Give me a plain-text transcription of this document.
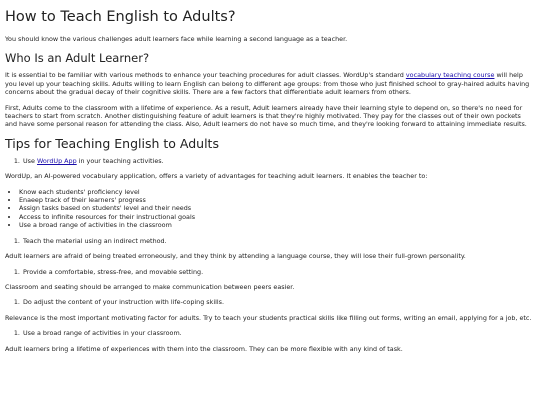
How to Teach English to Adults?

You should know the various challenges adult learners face while learning a second language as a teacher.

Who Is an Adult Learner?

It is essential to be familiar with various methods to enhance your teaching procedures for adult classes. WordUp's standard vocabulary teaching course will help you level up your teaching skills. Adults willing to learn English can belong to different age groups: from those who just finished school to gray-haired adults having concerns about the gradual decay of their cognitive skills. There are a few factors that differentiate adult learners from others.

First, Adults come to the classroom with a lifetime of experience. As a result, Adult learners already have their learning style to depend on, so there's no need for teachers to start from scratch. Another distinguishing feature of adult learners is that they're highly motivated. They pay for the classes out of their own pockets and have some personal reason for attending the class. Also, Adult learners do not have so much time, and they're looking forward to attaining immediate results.

Tips for Teaching English to Adults
1. Use WordUp App in your teaching activities.

WordUp, an AI-powered vocabulary application, offers a variety of advantages for teaching adult learners. It enables the teacher to:

• Know each students' proficiency level
• Enaeep track of their learners' progress
• Assign tasks based on students' level and their needs
• Access to infinite resources for their instructional goals
• Use a broad range of activities in the classroom
1. Teach the material using an indirect method.

Adult learners are afraid of being treated erroneously, and they think by attending a language course, they will lose their full-grown personality.

1. Provide a comfortable, stress-free, and movable setting.

Classroom and seating should be arranged to make communication between peers easier.

1. Do adjust the content of your instruction with life-coping skills.

Relevance is the most important motivating factor for adults. Try to teach your students practical skills like filling out forms, writing an email, applying for a job, etc.

1. Use a broad range of activities in your classroom.

Adult learners bring a lifetime of experiences with them into the classroom. They can be more flexible with any kind of task.
